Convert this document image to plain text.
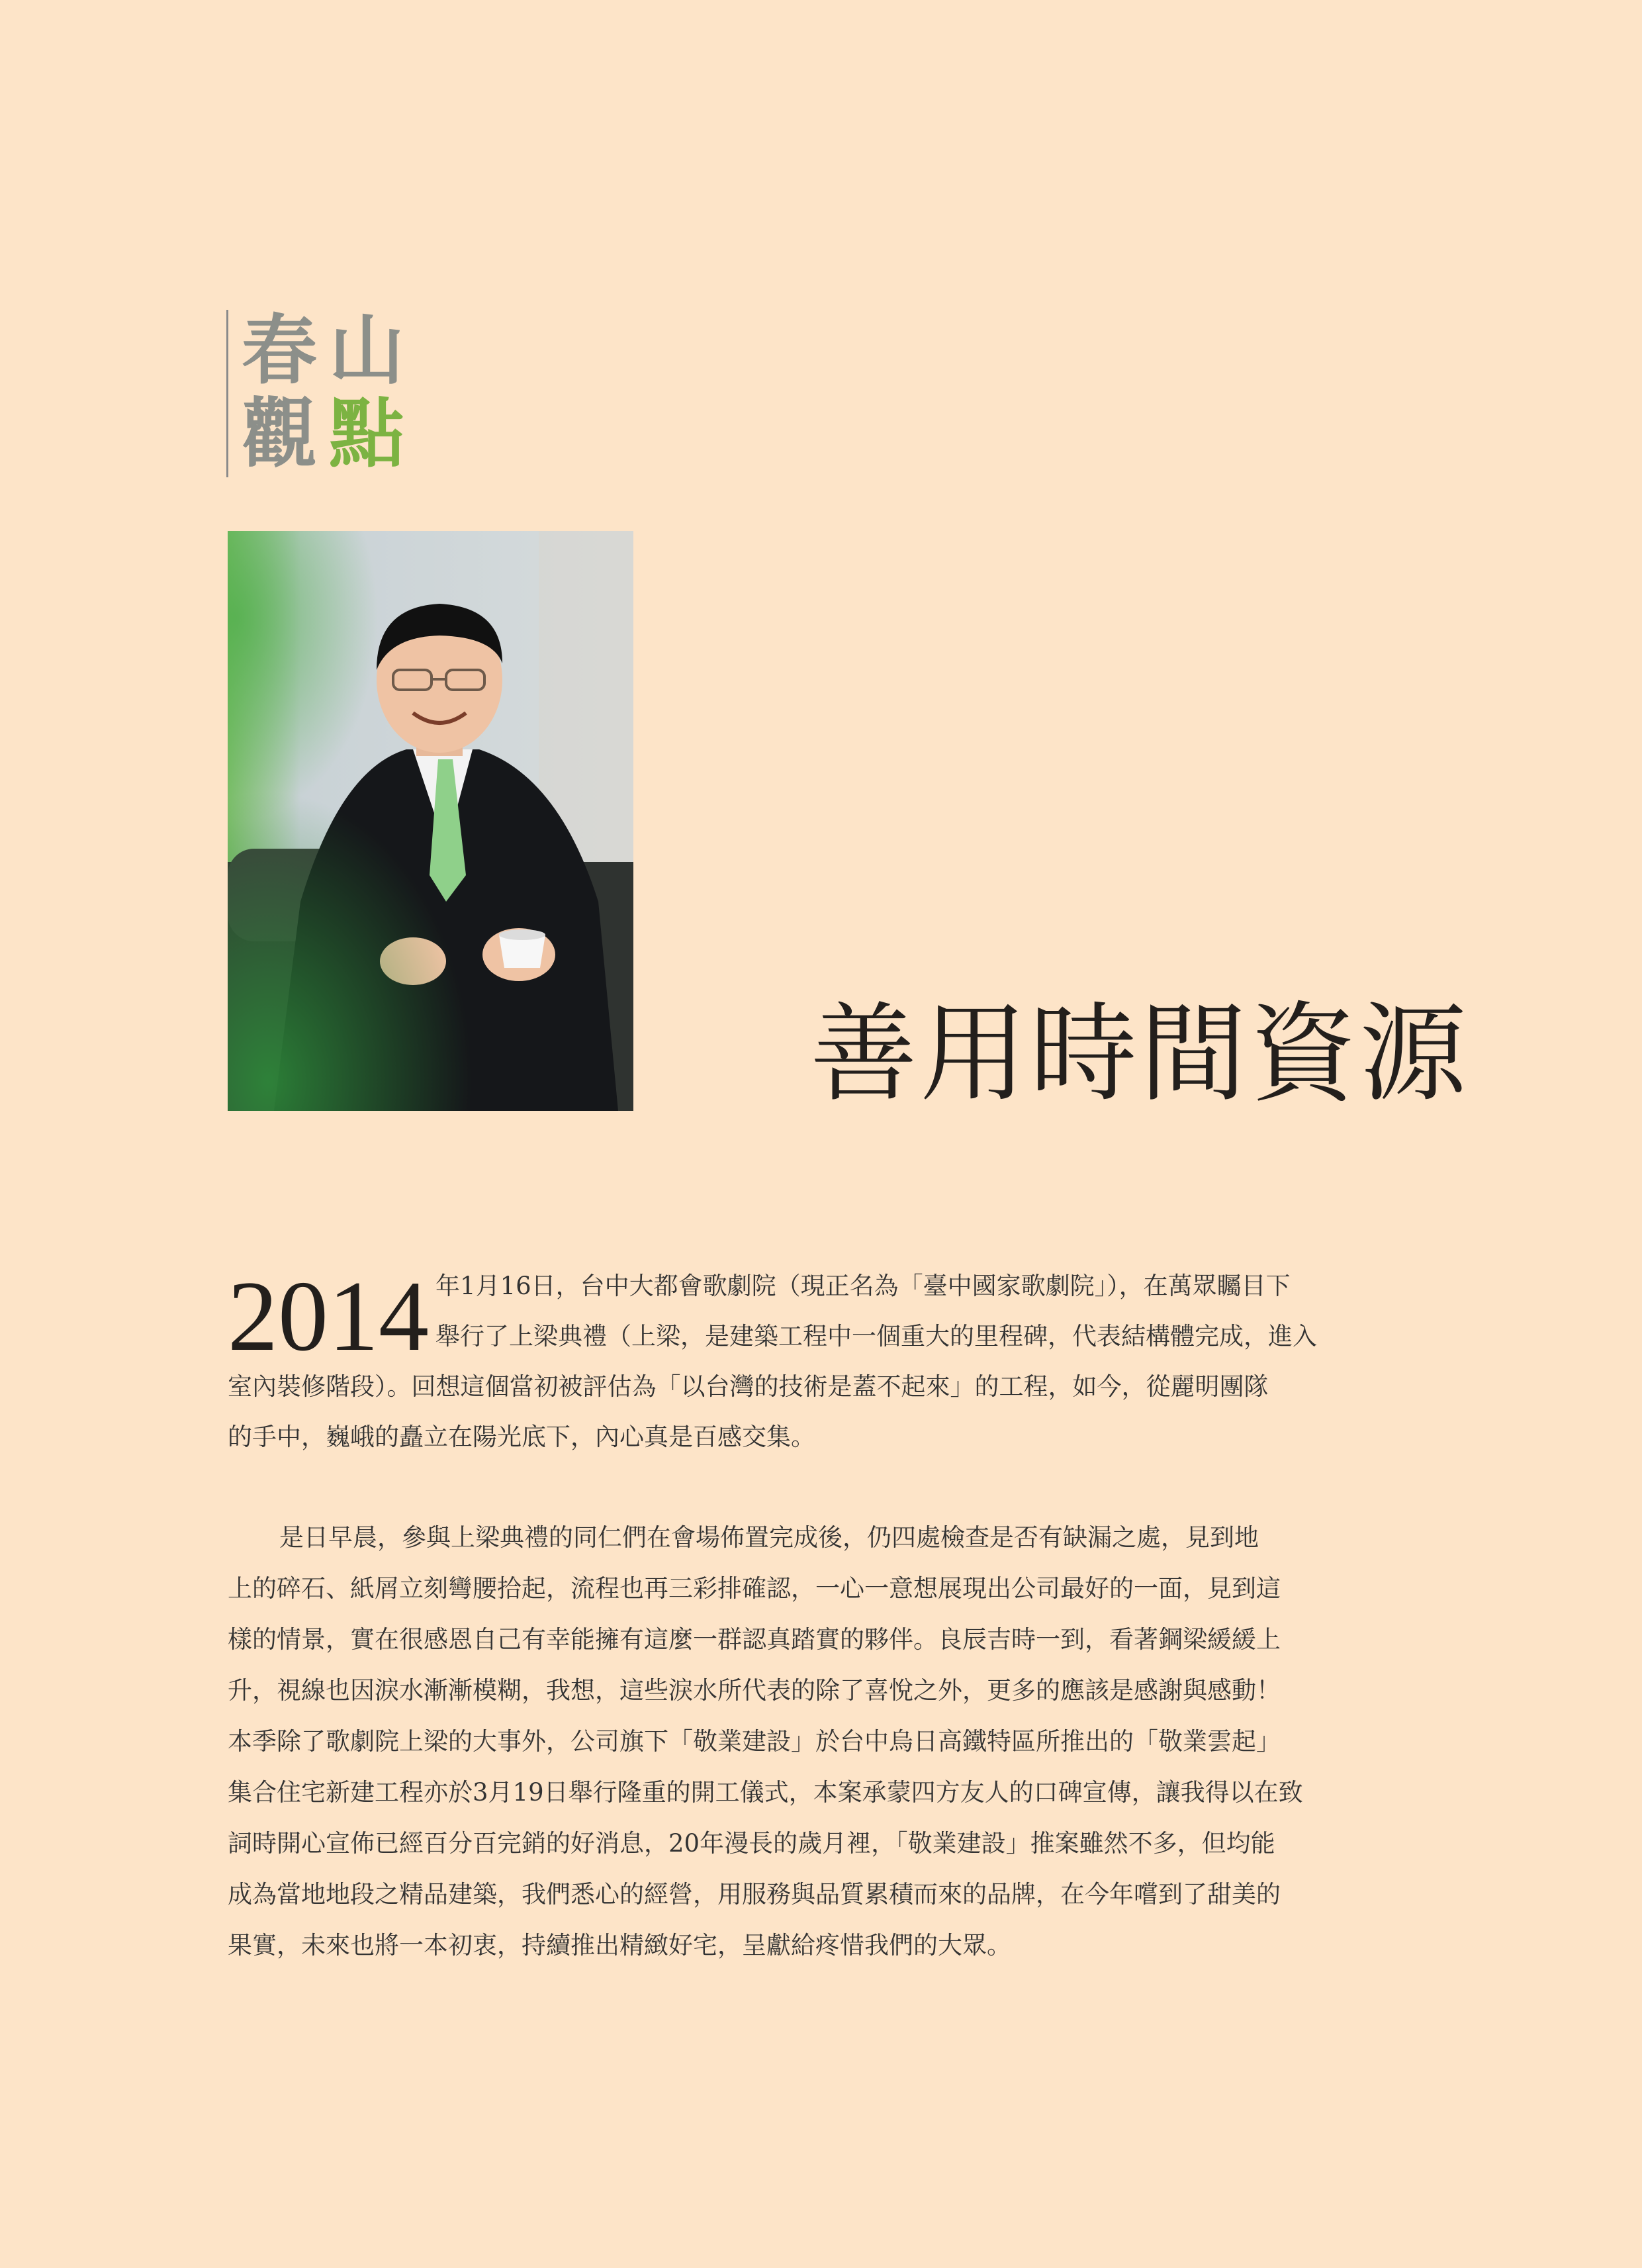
春 山
觀 點
善用時間資源
2014 年1月16日，台中大都會歌劇院（現正名為「臺中國家歌劇院」），在萬眾矚目下
舉行了上梁典禮（上梁，是建築工程中一個重大的里程碑，代表結構體完成，進入
室內裝修階段）。回想這個當初被評估為「以台灣的技術是蓋不起來」的工程，如今，從麗明團隊
的手中，巍峨的矗立在陽光底下，內心真是百感交集。
是日早晨，參與上梁典禮的同仁們在會場佈置完成後，仍四處檢查是否有缺漏之處，見到地
上的碎石、紙屑立刻彎腰拾起，流程也再三彩排確認，一心一意想展現出公司最好的一面，見到這
樣的情景，實在很感恩自己有幸能擁有這麼一群認真踏實的夥伴。良辰吉時一到，看著鋼梁緩緩上
升，視線也因淚水漸漸模糊，我想，這些淚水所代表的除了喜悅之外，更多的應該是感謝與感動！
本季除了歌劇院上梁的大事外，公司旗下「敬業建設」於台中烏日高鐵特區所推出的「敬業雲起」
集合住宅新建工程亦於3月19日舉行隆重的開工儀式，本案承蒙四方友人的口碑宣傳，讓我得以在致
詞時開心宣佈已經百分百完銷的好消息，20年漫長的歲月裡，「敬業建設」推案雖然不多，但均能
成為當地地段之精品建築，我們悉心的經營，用服務與品質累積而來的品牌，在今年嚐到了甜美的
果實，未來也將一本初衷，持續推出精緻好宅，呈獻給疼惜我們的大眾。
